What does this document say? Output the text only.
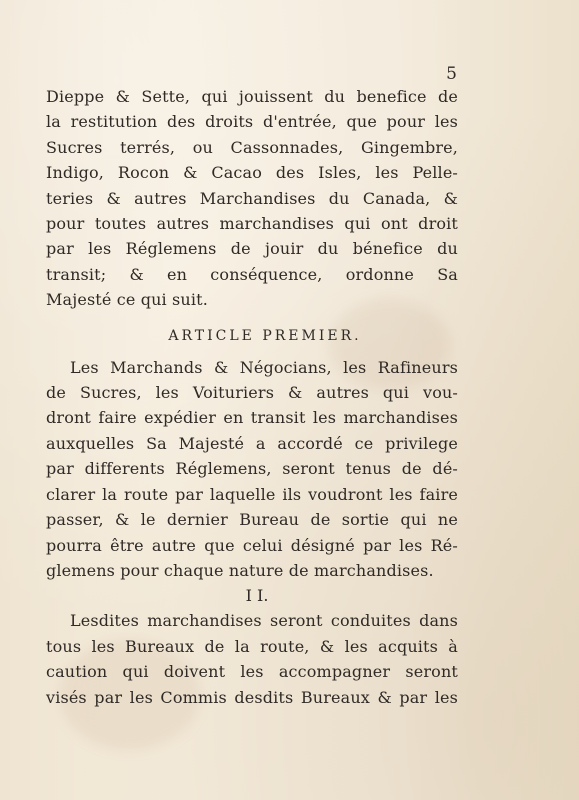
5

Dieppe & Sette, qui jouissent du benefice de

la restitution des droits d'entrée, que pour les

Sucres terrés, ou Cassonnades, Gingembre,

Indigo, Rocon & Cacao des Isles, les Pelle-

teries & autres Marchandises du Canada, &

pour toutes autres marchandises qui ont droit

par les Réglemens de jouir du bénefice du

transit; & en conséquence, ordonne Sa

Majesté ce qui suit.

ARTICLE PREMIER.

Les Marchands & Négocians, les Rafineurs

de Sucres, les Voituriers & autres qui vou-

dront faire expédier en transit les marchandises

auxquelles Sa Majesté a accordé ce privilege

par differents Réglemens, seront tenus de dé-

clarer la route par laquelle ils voudront les faire

passer, & le dernier Bureau de sortie qui ne

pourra être autre que celui désigné par les Ré-

glemens pour chaque nature de marchandises.

I I.

Lesdites marchandises seront conduites dans

tous les Bureaux de la route, & les acquits à

caution qui doivent les accompagner seront

visés par les Commis desdits Bureaux & par les
